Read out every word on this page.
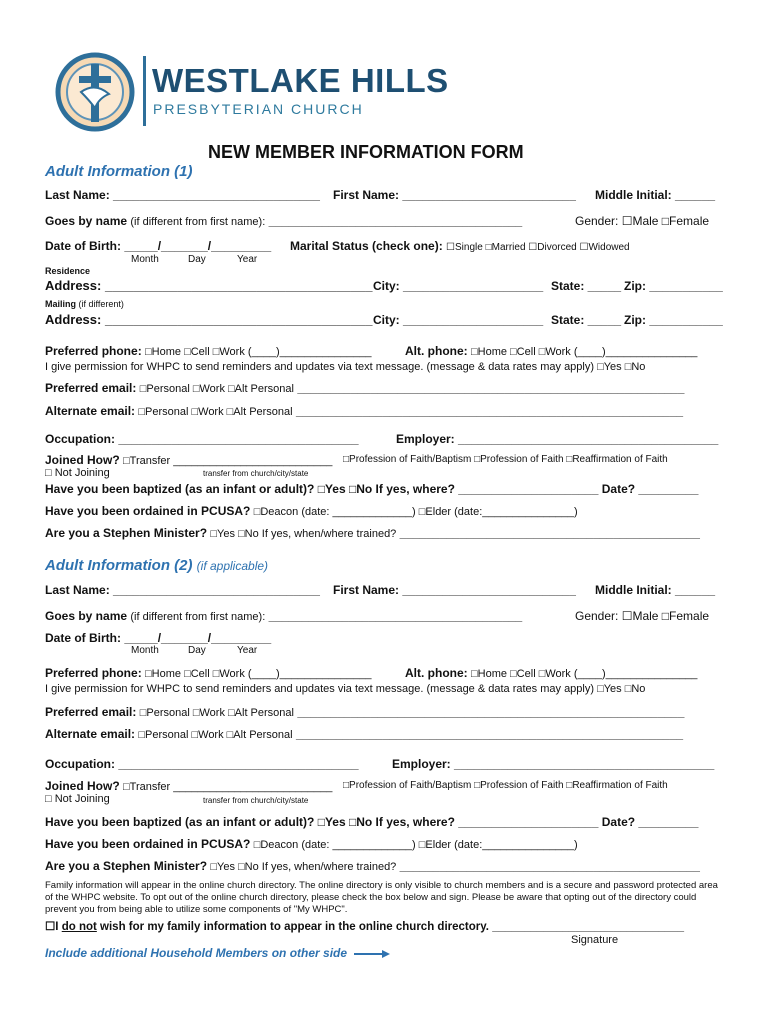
WESTLAKE HILLS
PRESBYTERIAN CHURCH
NEW MEMBER INFORMATION FORM
Adult Information (1)
Last Name: _______________________________ First Name: __________________________ Middle Initial: ______
Goes by name (if different from first name): ______________________________________	Gender: ☐Male □Female
Date of Birth: _____/_______/_________ Marital Status (check one): ☐Single □Married ☐Divorced ☐Widowed
Month	Day	Year
Residence
Address: _____________________________________ City: _____________________ State: _____ Zip: ___________
Mailing (if different)
Address: _____________________________________ City: _____________________ State: _____ Zip: ___________
Preferred phone: □Home □Cell □Work (____)_______________	Alt. phone: □Home □Cell □Work (____)_______________
I give permission for WHPC to send reminders and updates via text message. (message & data rates may apply) □Yes □No
Preferred email: □Personal □Work □Alt Personal __________________________________________________________
Alternate email: □Personal □Work □Alt Personal __________________________________________________________
Occupation: ____________________________________	Employer: _______________________________________
Joined How? □Transfer __________________________ □Profession of Faith/Baptism □Profession of Faith □Reaffirmation of Faith
□ Not Joining	transfer from church/city/state
Have you been baptized (as an infant or adult)? □Yes □No If yes, where? _____________________ Date? _________
Have you been ordained in PCUSA? □Deacon (date: _____________) □Elder (date:_______________)
Are you a Stephen Minister? □Yes □No If yes, when/where trained? _____________________________________________
Adult Information (2) (if applicable)
Last Name: _______________________________ First Name: __________________________ Middle Initial: ______
Goes by name (if different from first name): ______________________________________	Gender: ☐Male □Female
Date of Birth: _____/_______/_________
Month	Day	Year
Preferred phone: □Home □Cell □Work (____)_______________	Alt. phone: □Home □Cell □Work (____)_______________
I give permission for WHPC to send reminders and updates via text message. (message & data rates may apply) □Yes □No
Preferred email: □Personal □Work □Alt Personal __________________________________________________________
Alternate email: □Personal □Work □Alt Personal __________________________________________________________
Occupation: ____________________________________	Employer: _______________________________________
Joined How? □Transfer __________________________ □Profession of Faith/Baptism □Profession of Faith □Reaffirmation of Faith
□ Not Joining	transfer from church/city/state
Have you been baptized (as an infant or adult)? □Yes □No If yes, where? _____________________ Date? _________
Have you been ordained in PCUSA? □Deacon (date: _____________) □Elder (date:_______________)
Are you a Stephen Minister? □Yes □No If yes, when/where trained? _____________________________________________
Family information will appear in the online church directory. The online directory is only visible to church members and is a secure and password protected area of the WHPC website. To opt out of the online church directory, please check the box below and sign. Please be aware that opting out of the directory could prevent you from being able to utilize some components of "My WHPC".
☐I do not wish for my family information to appear in the online church directory. ______________________________
Signature
Include additional Household Members on other side
